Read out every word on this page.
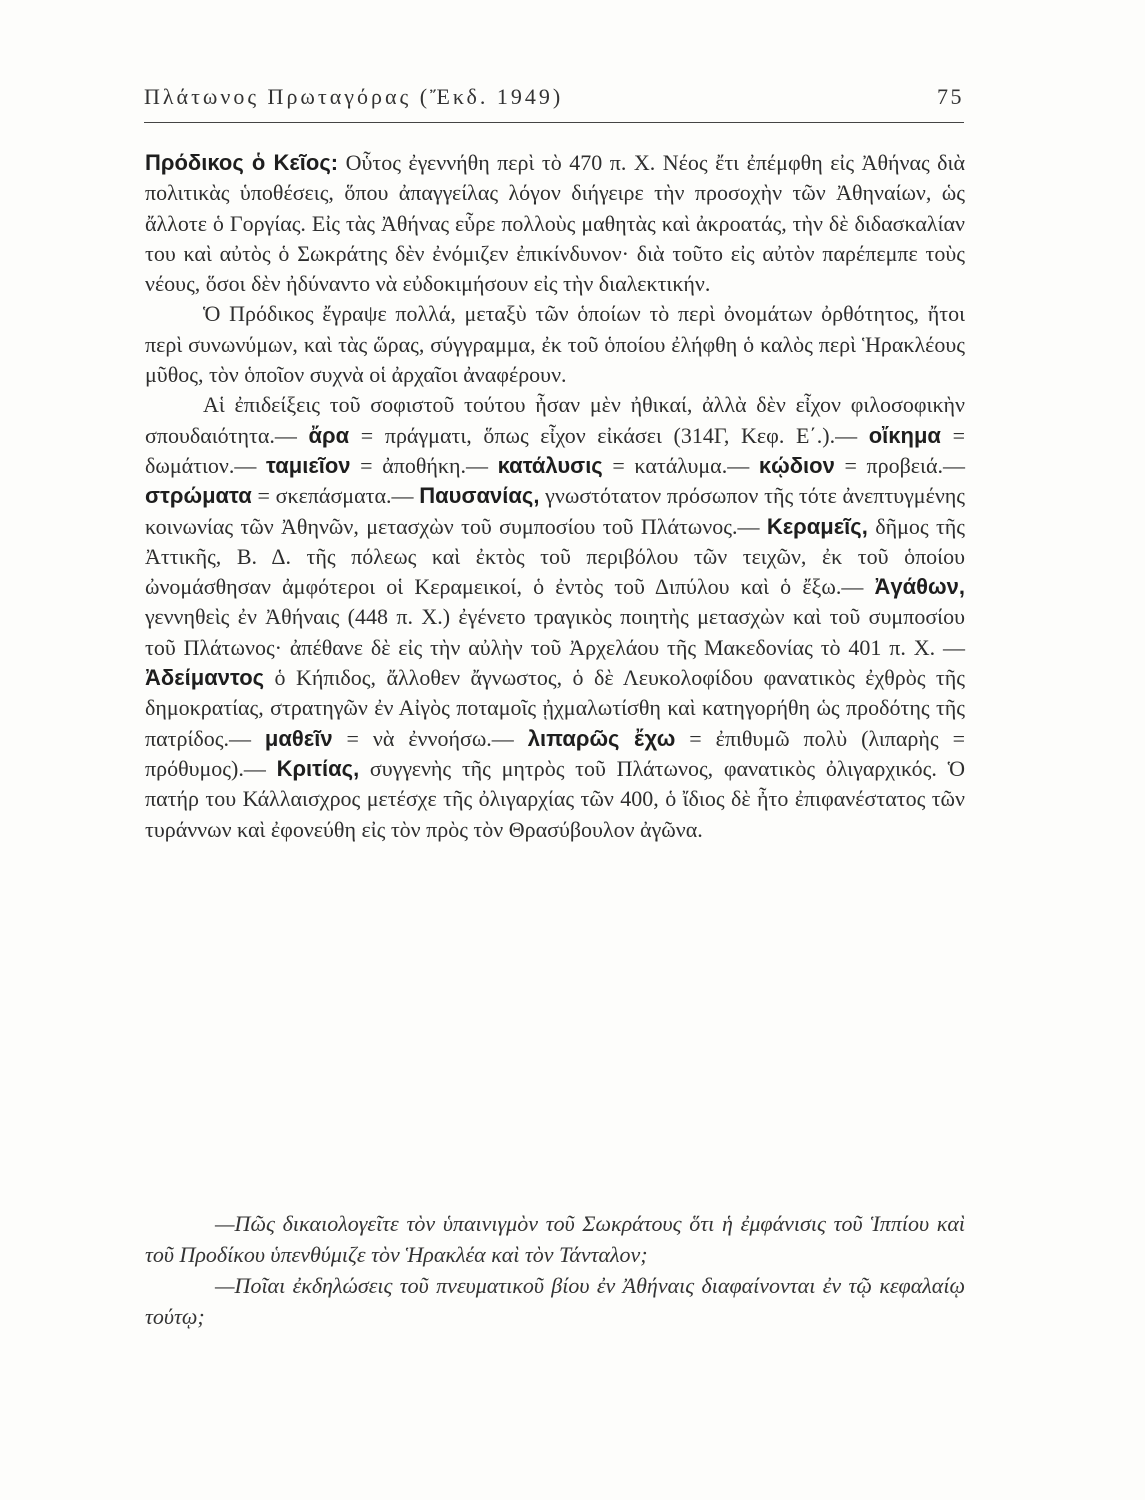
Πλάτωνος Πρωταγόρας (Ἔκδ. 1949)	75

Πρόδικος ὁ Κεῖος: Οὗτος ἐγεννήθη περὶ τὸ 470 π. Χ. Νέος ἔτι ἐπέμφθη εἰς Ἀθήνας διὰ πολιτικὰς ὑποθέσεις, ὅπου ἀπαγγείλας λόγον διήγειρε τὴν προσοχὴν τῶν Ἀθηναίων, ὡς ἄλλοτε ὁ Γοργίας. Εἰς τὰς Ἀθήνας εὗρε πολλοὺς μαθητὰς καὶ ἀκροατάς, τὴν δὲ διδασκαλίαν του καὶ αὐτὸς ὁ Σωκράτης δὲν ἐνόμιζεν ἐπικίνδυνον· διὰ τοῦτο εἰς αὐτὸν παρέπεμπε τοὺς νέους, ὅσοι δὲν ἠδύναντο νὰ εὐδοκιμήσουν εἰς τὴν διαλεκτικήν.

Ὁ Πρόδικος ἔγραψε πολλά, μεταξὺ τῶν ὁποίων τὸ περὶ ὀνομάτων ὀρθότητος, ἤτοι περὶ συνωνύμων, καὶ τὰς ὥρας, σύγγραμμα, ἐκ τοῦ ὁποίου ἐλήφθη ὁ καλὸς περὶ Ἡρακλέους μῦθος, τὸν ὁποῖον συχνὰ οἱ ἀρχαῖοι ἀναφέρουν.

Αἱ ἐπιδείξεις τοῦ σοφιστοῦ τούτου ἦσαν μὲν ἠθικαί, ἀλλὰ δὲν εἶχον φιλοσοφικὴν σπουδαιότητα.— ἄρα = πράγματι, ὅπως εἶχον εἰκάσει (314Γ, Κεφ. Ε΄.).— οἴκημα = δωμάτιον.— ταμιεῖον = ἀποθήκη.— κατάλυσις = κατάλυμα.— κῴδιον = προβειά.— στρώματα = σκεπάσματα.— Παυσανίας, γνωστότατον πρόσωπον τῆς τότε ἀνεπτυγμένης κοινωνίας τῶν Ἀθηνῶν, μετασχὼν τοῦ συμποσίου τοῦ Πλάτωνος.— Κεραμεῖς, δῆμος τῆς Ἀττικῆς, Β. Δ. τῆς πόλεως καὶ ἐκτὸς τοῦ περιβόλου τῶν τειχῶν, ἐκ τοῦ ὁποίου ὠνομάσθησαν ἀμφότεροι οἱ Κεραμεικοί, ὁ ἐντὸς τοῦ Διπύλου καὶ ὁ ἔξω.— Ἀγάθων, γεννηθεὶς ἐν Ἀθήναις (448 π. Χ.) ἐγένετο τραγικὸς ποιητὴς μετασχὼν καὶ τοῦ συμποσίου τοῦ Πλάτωνος· ἀπέθανε δὲ εἰς τὴν αὐλὴν τοῦ Ἀρχελάου τῆς Μακεδονίας τὸ 401 π. Χ. — Ἀδείμαντος ὁ Κήπιδος, ἄλλοθεν ἄγνωστος, ὁ δὲ Λευκολοφίδου φανατικὸς ἐχθρὸς τῆς δημοκρατίας, στρατηγῶν ἐν Αἰγὸς ποταμοῖς ᾐχμαλωτίσθη καὶ κατηγορήθη ὡς προδότης τῆς πατρίδος.— μαθεῖν = νὰ ἐννοήσω.— λιπαρῶς ἔχω = ἐπιθυμῶ πολὺ (λιπαρὴς = πρόθυμος).— Κριτίας, συγγενὴς τῆς μητρὸς τοῦ Πλάτωνος, φανατικὸς ὀλιγαρχικός. Ὁ πατήρ του Κάλλαισχρος μετέσχε τῆς ὀλιγαρχίας τῶν 400, ὁ ἴδιος δὲ ἦτο ἐπιφανέστατος τῶν τυράννων καὶ ἐφονεύθη εἰς τὸν πρὸς τὸν Θρασύβουλον ἀγῶνα.

—Πῶς δικαιολογεῖτε τὸν ὑπαινιγμὸν τοῦ Σωκράτους ὅτι ἡ ἐμφάνισις τοῦ Ἱππίου καὶ τοῦ Προδίκου ὑπενθύμιζε τὸν Ἡρακλέα καὶ τὸν Τάνταλον;

—Ποῖαι ἐκδηλώσεις τοῦ πνευματικοῦ βίου ἐν Ἀθήναις διαφαίνονται ἐν τῷ κεφαλαίῳ τούτῳ;
